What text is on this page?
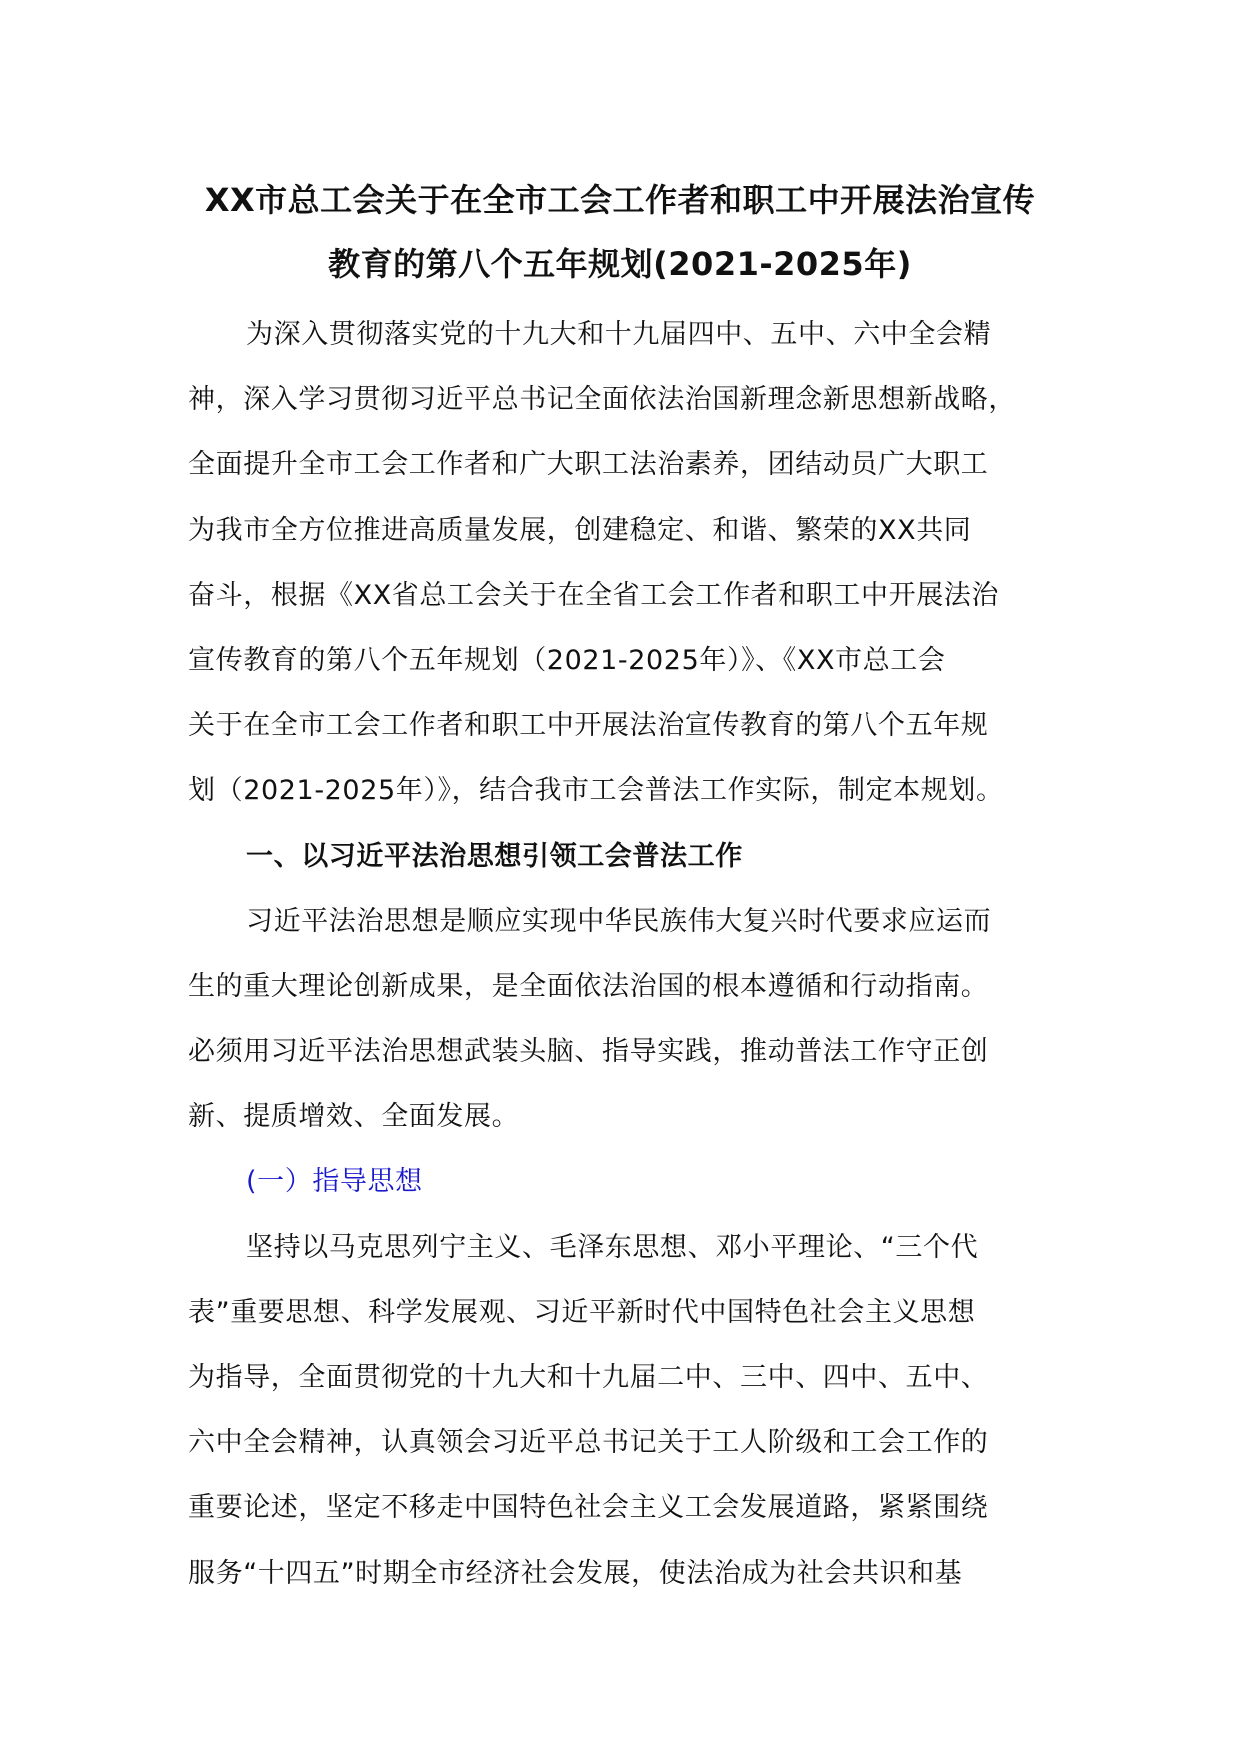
XX市总工会关于在全市工会工作者和职工中开展法治宣传
教育的第八个五年规划(2021-2025年)
为深入贯彻落实党的十九大和十九届四中、五中、六中全会精
神，深入学习贯彻习近平总书记全面依法治国新理念新思想新战略，
全面提升全市工会工作者和广大职工法治素养，团结动员广大职工
为我市全方位推进高质量发展，创建稳定、和谐、繁荣的XX共同
奋斗，根据《XX省总工会关于在全省工会工作者和职工中开展法治
宣传教育的第八个五年规划（2021-2025年）》、《XX市总工会
关于在全市工会工作者和职工中开展法治宣传教育的第八个五年规
划（2021-2025年）》，结合我市工会普法工作实际，制定本规划。
一、以习近平法治思想引领工会普法工作
习近平法治思想是顺应实现中华民族伟大复兴时代要求应运而
生的重大理论创新成果，是全面依法治国的根本遵循和行动指南。
必须用习近平法治思想武装头脑、指导实践，推动普法工作守正创
新、提质增效、全面发展。
(一）指导思想
坚持以马克思列宁主义、毛泽东思想、邓小平理论、“三个代
表”重要思想、科学发展观、习近平新时代中国特色社会主义思想
为指导，全面贯彻党的十九大和十九届二中、三中、四中、五中、
六中全会精神，认真领会习近平总书记关于工人阶级和工会工作的
重要论述，坚定不移走中国特色社会主义工会发展道路，紧紧围绕
服务“十四五”时期全市经济社会发展，使法治成为社会共识和基
